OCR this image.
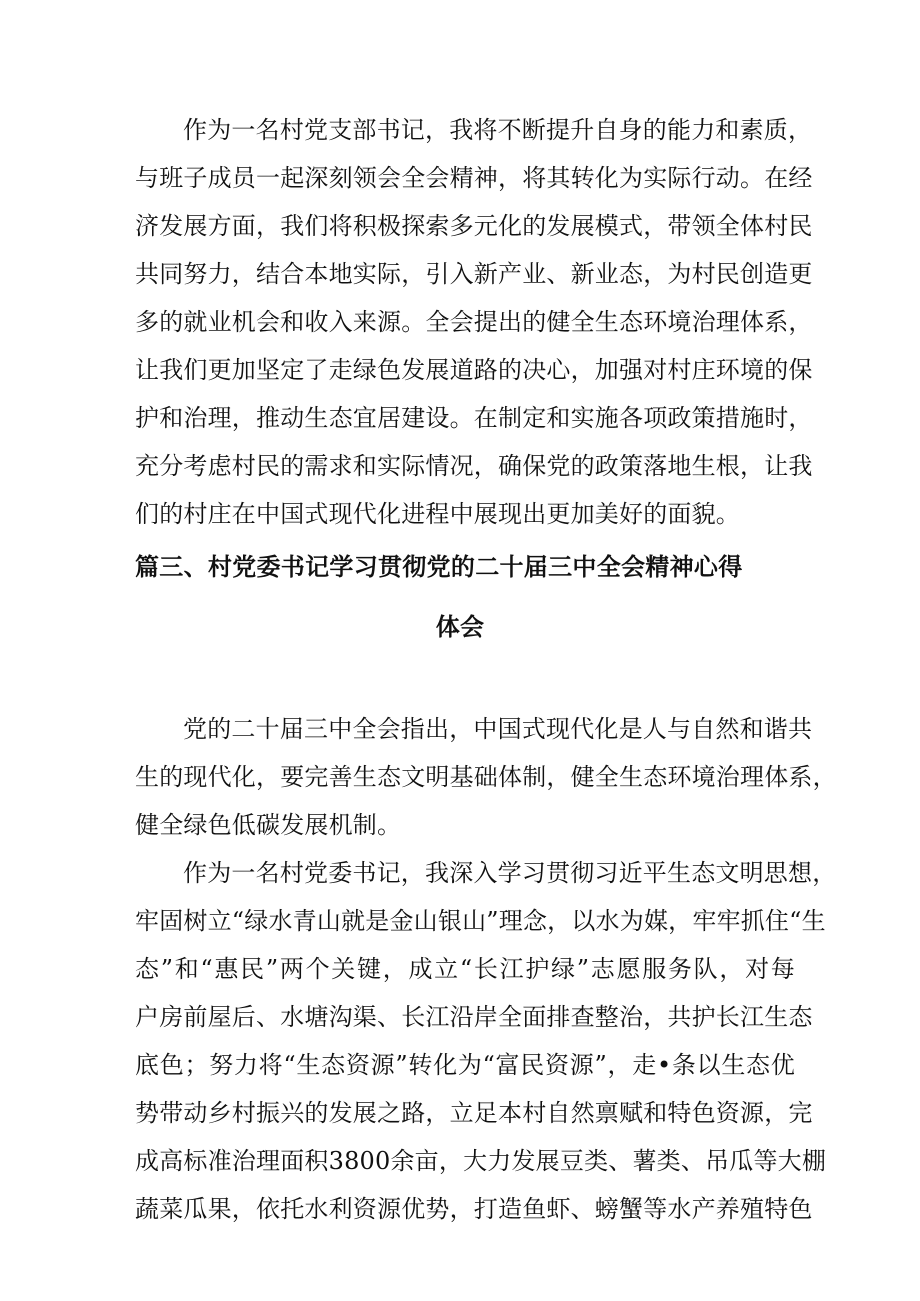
作为一名村党支部书记，我将不断提升自身的能力和素质，
与班子成员一起深刻领会全会精神，将其转化为实际行动。在经
济发展方面，我们将积极探索多元化的发展模式，带领全体村民
共同努力，结合本地实际，引入新产业、新业态，为村民创造更
多的就业机会和收入来源。全会提出的健全生态环境治理体系，
让我们更加坚定了走绿色发展道路的决心，加强对村庄环境的保
护和治理，推动生态宜居建设。在制定和实施各项政策措施时，
充分考虑村民的需求和实际情况，确保党的政策落地生根，让我
们的村庄在中国式现代化进程中展现出更加美好的面貌。
篇三、村党委书记学习贯彻党的二十届三中全会精神心得
体会
党的二十届三中全会指出，中国式现代化是人与自然和谐共
生的现代化，要完善生态文明基础体制，健全生态环境治理体系，
健全绿色低碳发展机制。
作为一名村党委书记，我深入学习贯彻习近平生态文明思想，
牢固树立“绿水青山就是金山银山”理念，以水为媒，牢牢抓住“生
态”和“惠民”两个关键，成立“长江护绿”志愿服务队，对每
户房前屋后、水塘沟渠、长江沿岸全面排查整治，共护长江生态
底色；努力将“生态资源”转化为“富民资源”，走•条以生态优
势带动乡村振兴的发展之路，立足本村自然禀赋和特色资源，完
成高标准治理面积3800余亩，大力发展豆类、薯类、吊瓜等大棚
蔬菜瓜果，依托水利资源优势，打造鱼虾、螃蟹等水产养殖特色
